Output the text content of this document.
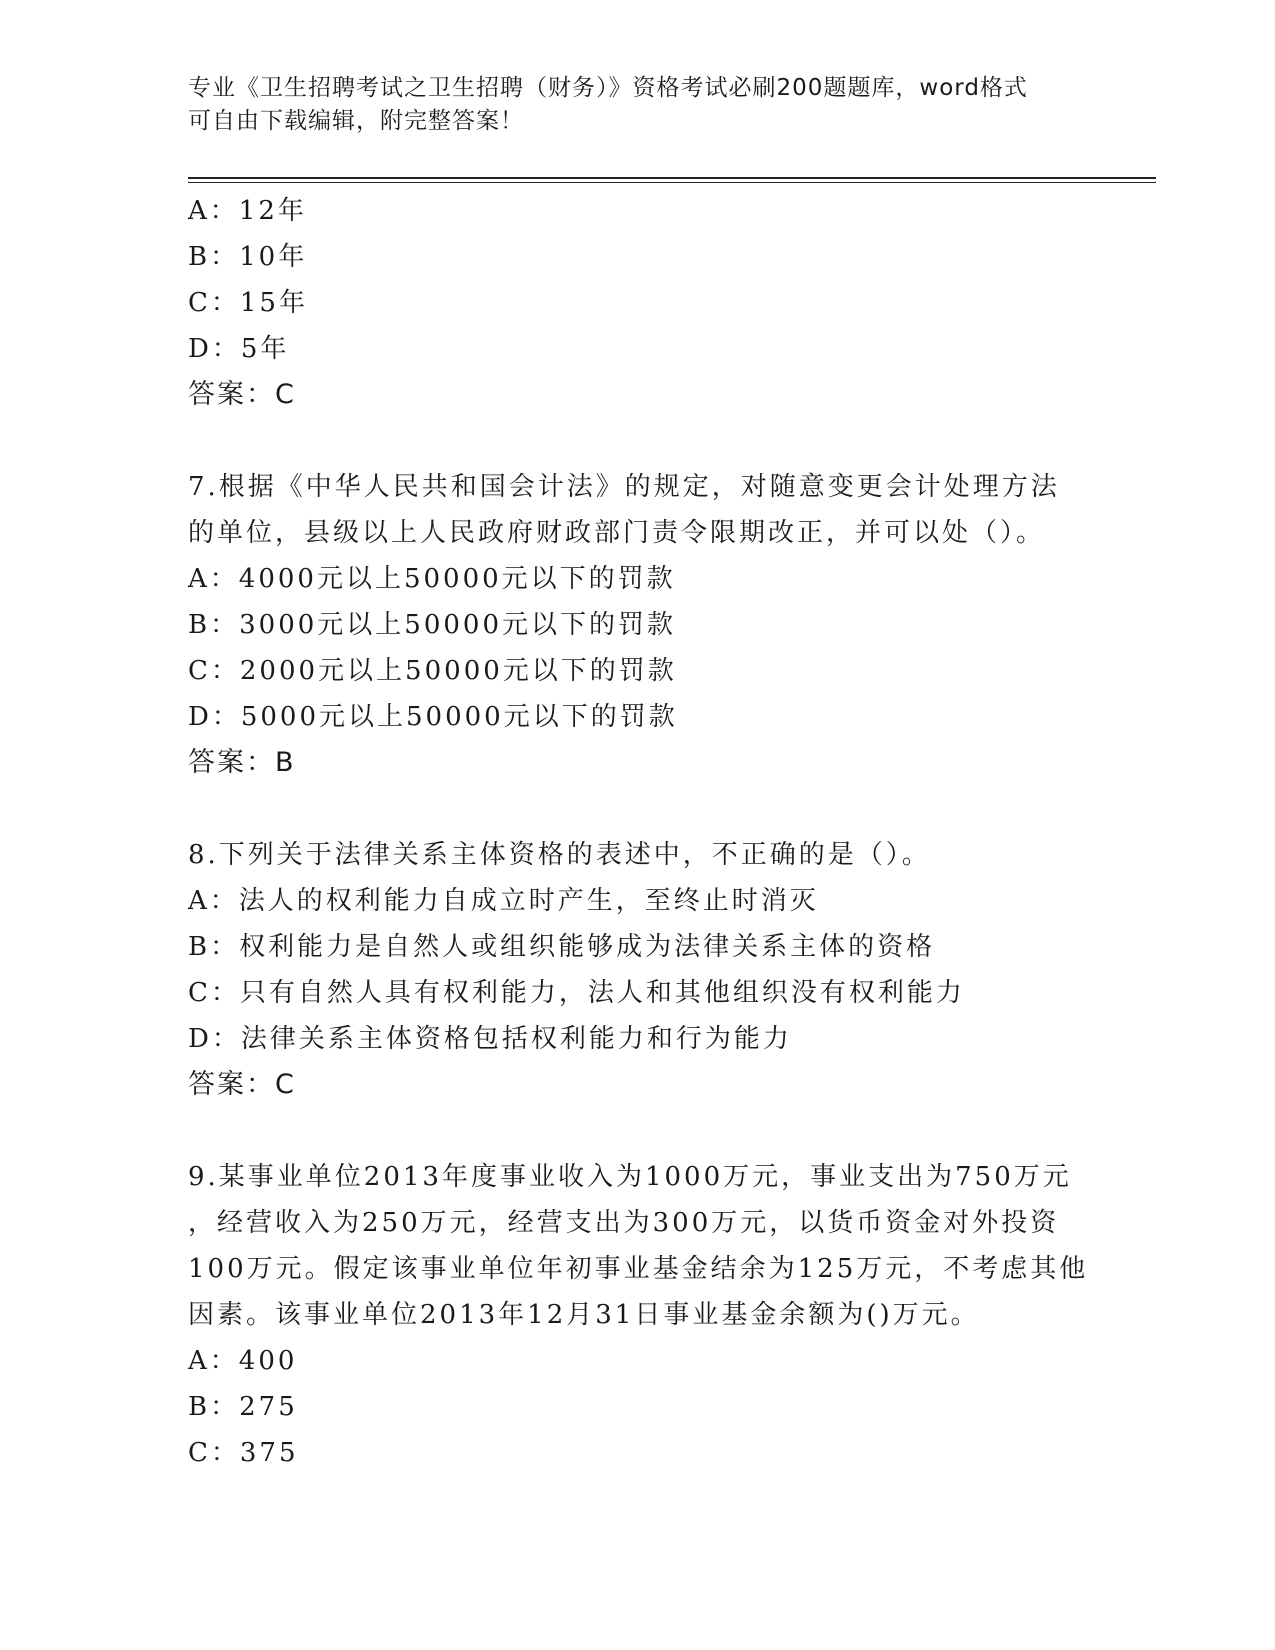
专业《卫生招聘考试之卫生招聘（财务）》资格考试必刷200题题库，word格式
可自由下载编辑，附完整答案！
A：12年
B：10年
C：15年
D：5年
答案：C
7.根据《中华人民共和国会计法》的规定，对随意变更会计处理方法
的单位，县级以上人民政府财政部门责令限期改正，并可以处（）。
A：4000元以上50000元以下的罚款
B：3000元以上50000元以下的罚款
C：2000元以上50000元以下的罚款
D：5000元以上50000元以下的罚款
答案：B
8.下列关于法律关系主体资格的表述中，不正确的是（）。
A：法人的权利能力自成立时产生，至终止时消灭
B：权利能力是自然人或组织能够成为法律关系主体的资格
C：只有自然人具有权利能力，法人和其他组织没有权利能力
D：法律关系主体资格包括权利能力和行为能力
答案：C
9.某事业单位2013年度事业收入为1000万元，事业支出为750万元
，经营收入为250万元，经营支出为300万元，以货币资金对外投资
100万元。假定该事业单位年初事业基金结余为125万元，不考虑其他
因素。该事业单位2013年12月31日事业基金余额为()万元。
A：400
B：275
C：375
